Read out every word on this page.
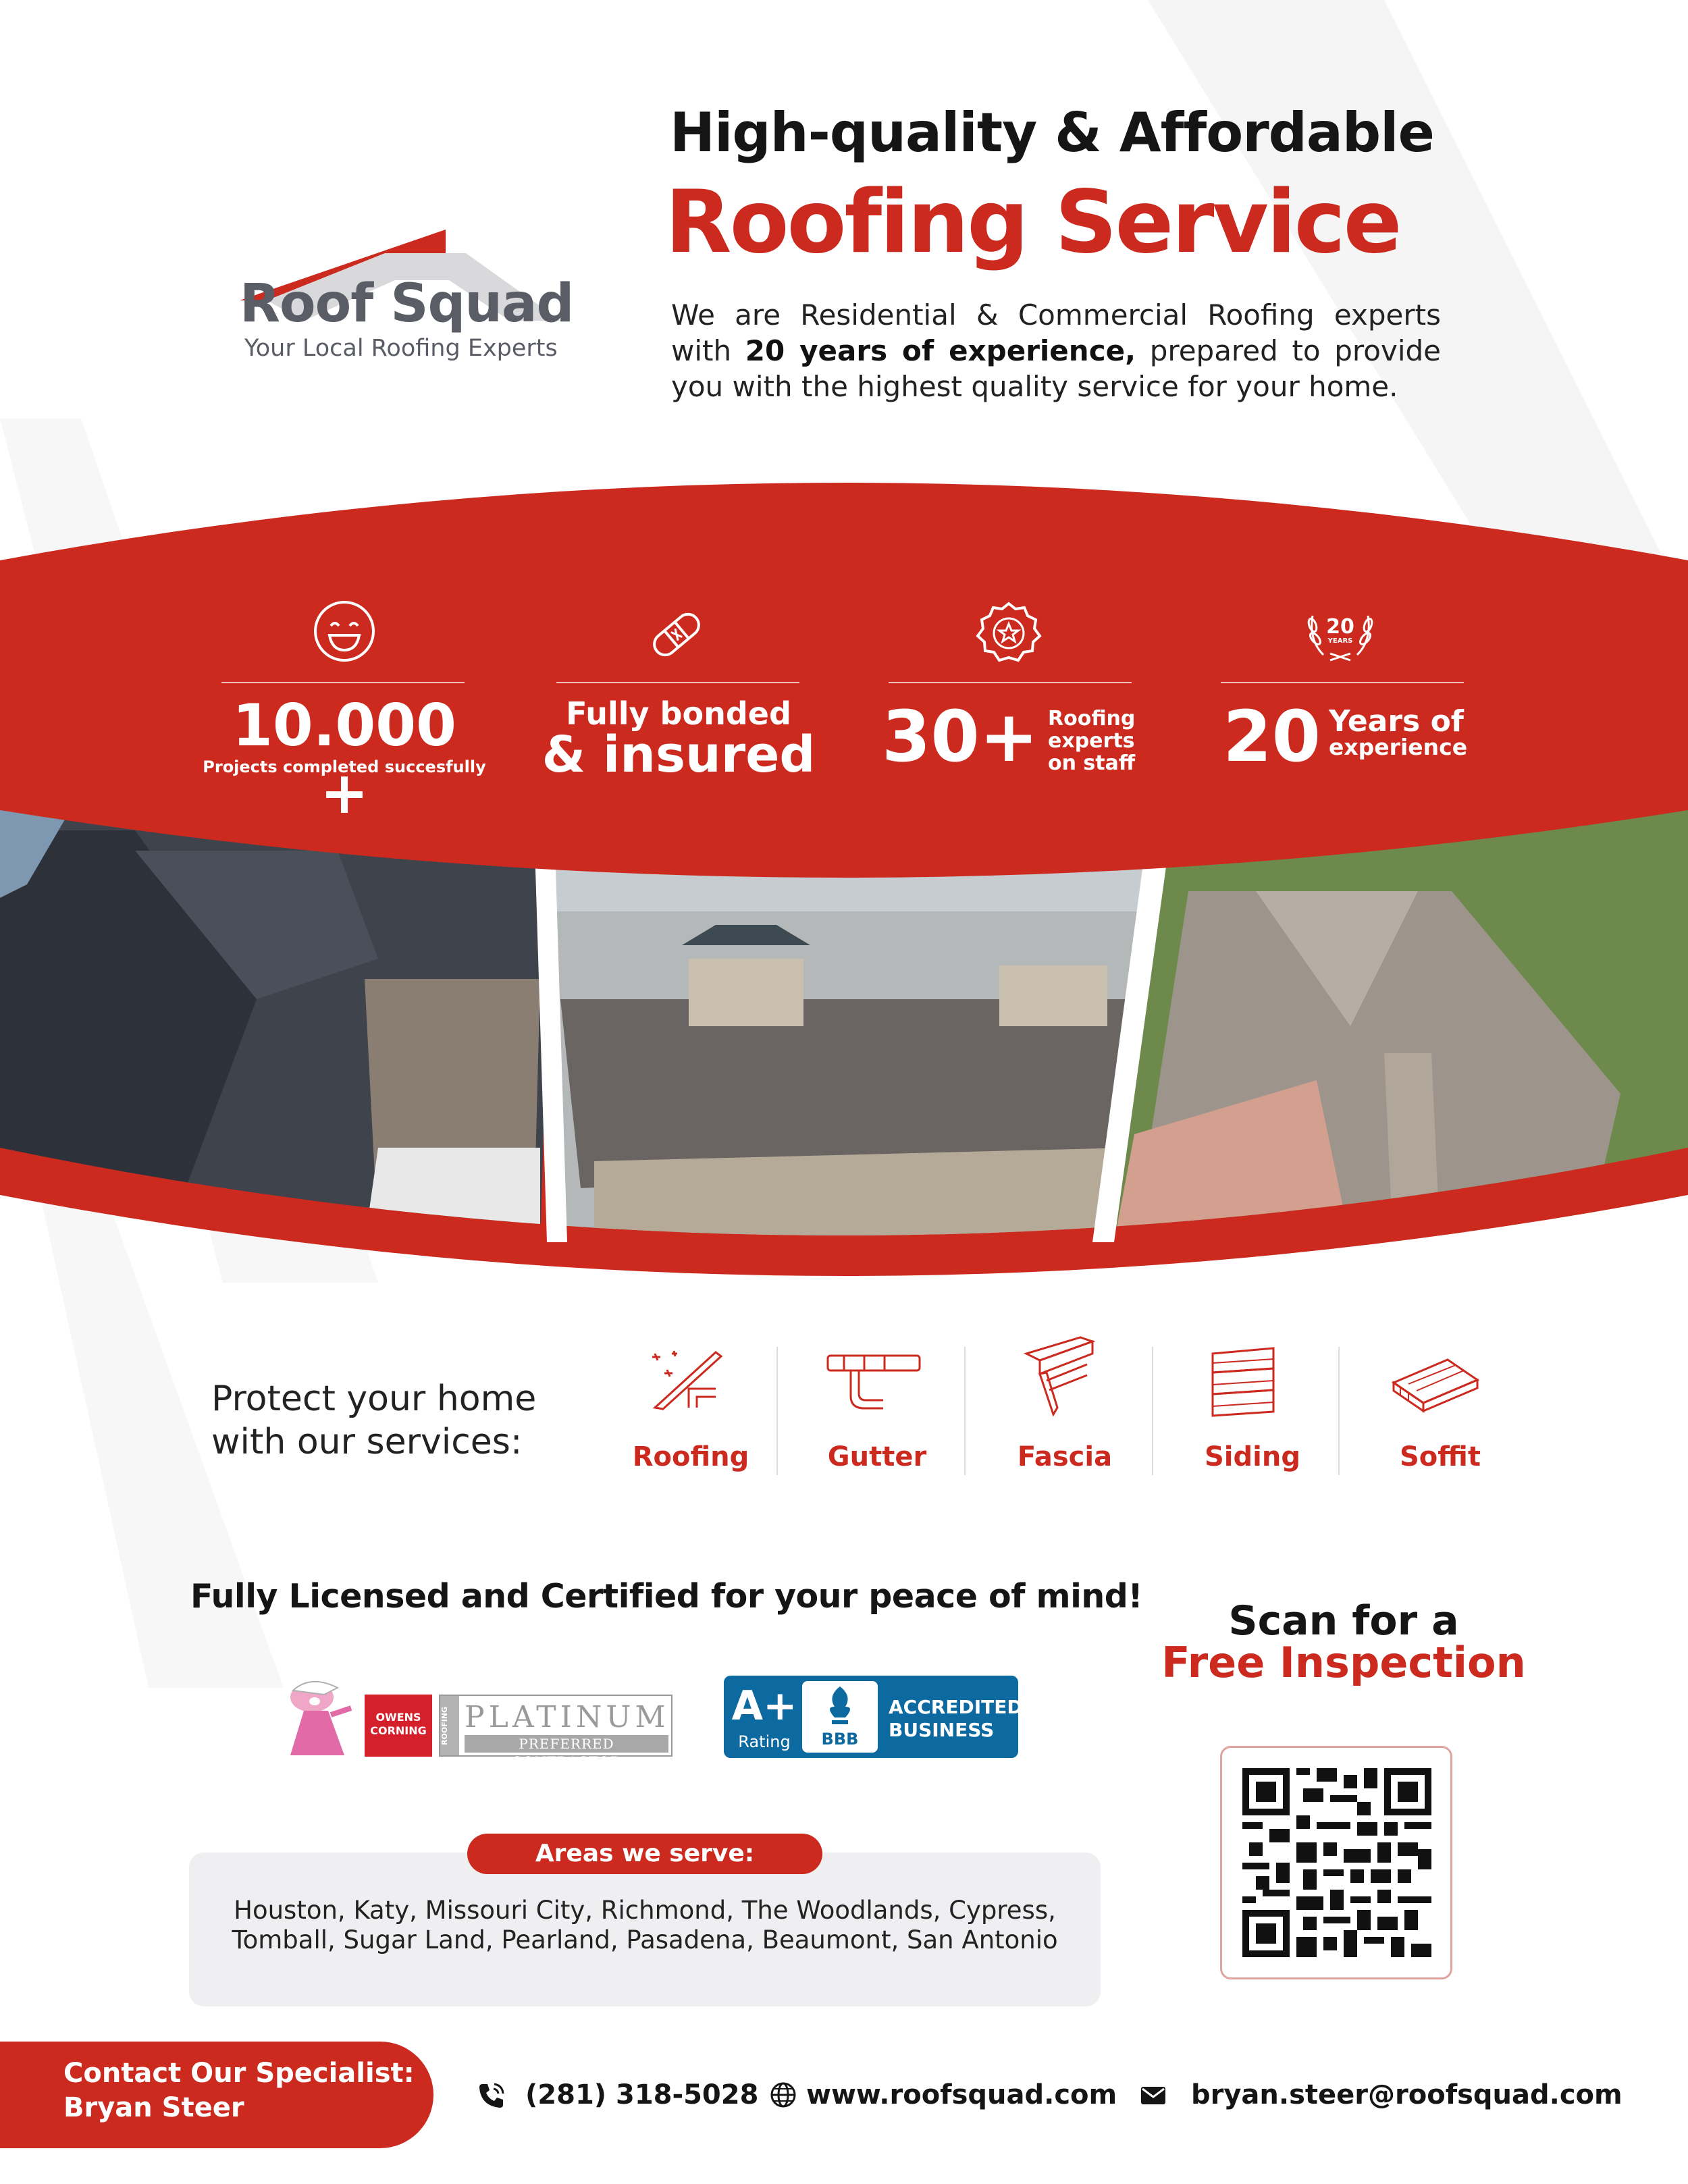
Roof Squad
Your Local Roofing Experts
High-quality & Affordable
Roofing Service
We are Residential & Commercial Roofing experts with 20 years of experience, prepared to provide you with the highest quality service for your home.
10.000 +
Projects completed succesfully
Fully bonded
& insured 30+ Roofing
experts
on staff
20
YEARS
20 Years of
experience
Protect your home
with our services:	Roofing	Gutter	Fascia	Siding	Soffit
Fully Licensed and Certified for your peace of mind!
OWENS
CORNING	ROOFING PLATINUM
PREFERRED CONTRACTOR
A+
Rating	BBB
ACCREDITED
BUSINESS
Scan for a
Free Inspection
Areas we serve:
Houston, Katy, Missouri City, Richmond, The Woodlands, Cypress,
Tomball, Sugar Land, Pearland, Pasadena, Beaumont, San Antonio
Contact Our Specialist:
Bryan Steer	(281) 318-5028 www.roofsquad.com	bryan.steer@roofsquad.com
